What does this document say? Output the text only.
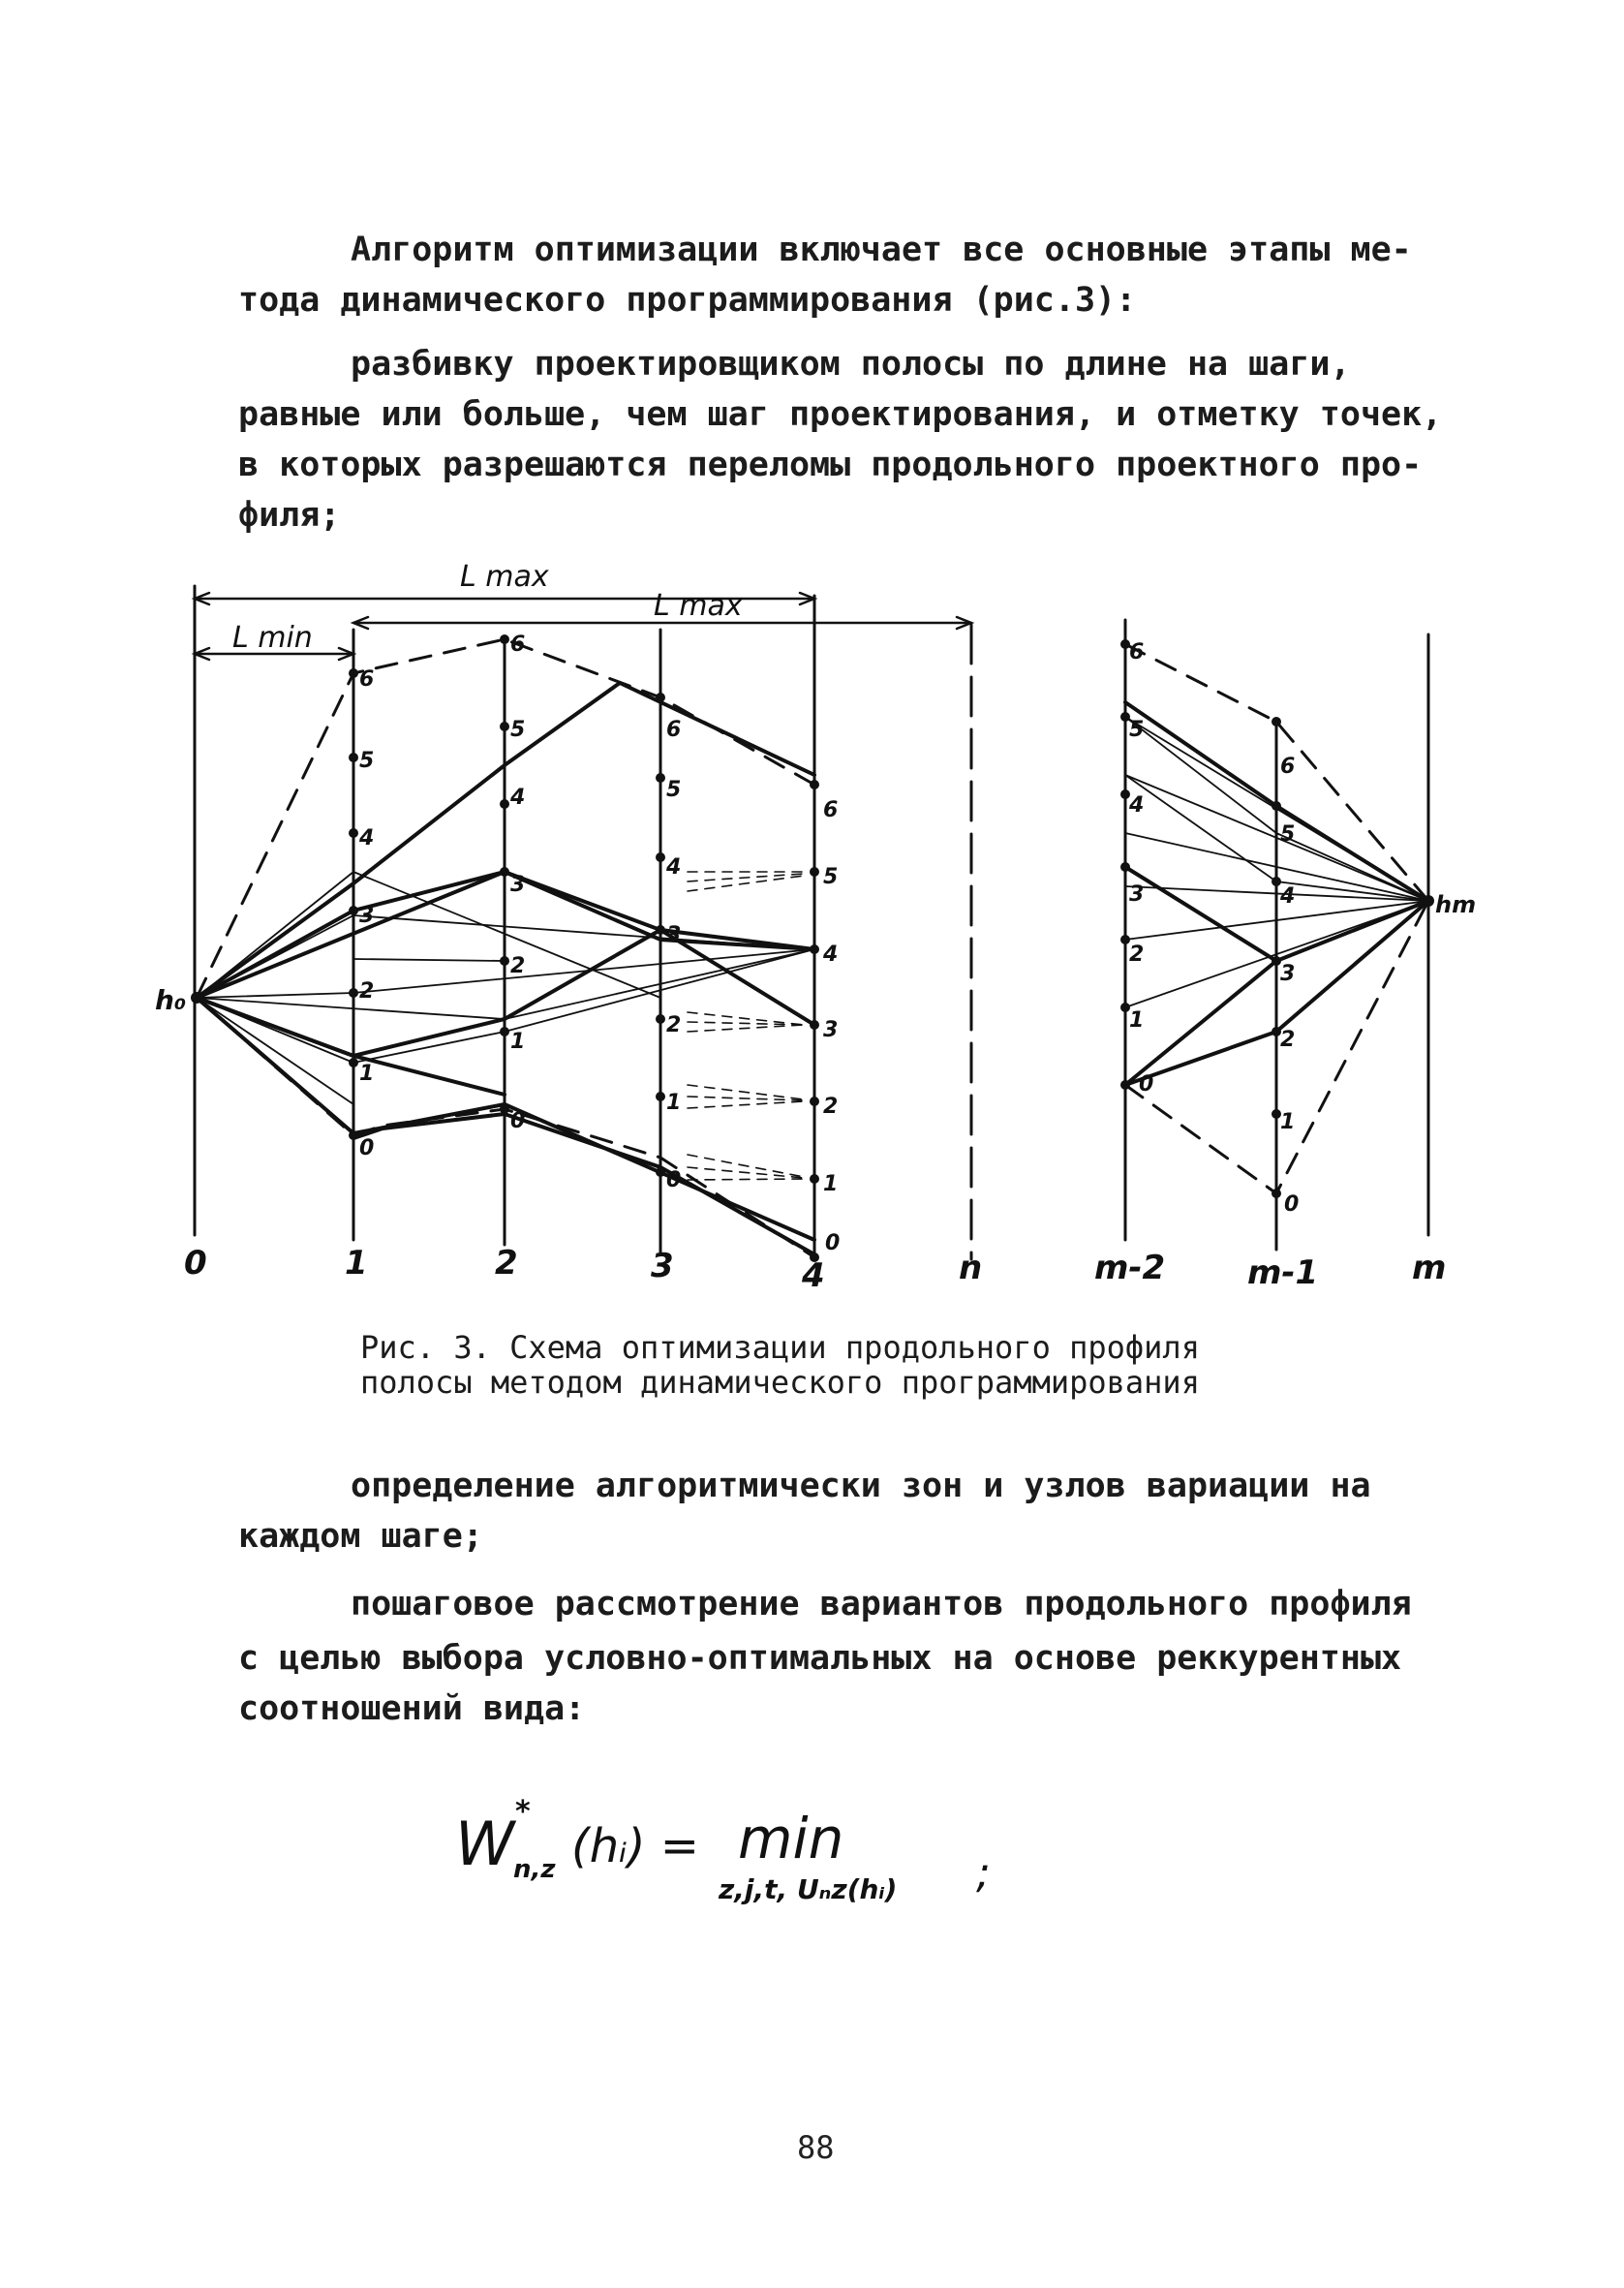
Алгоритм оптимизации включает все основные этапы ме-
тода динамического программирования (рис.3):
разбивку проектировщиком полосы по длине на шаги,
равные или больше, чем шаг проектирования, и отметку точек,
в которых разрешаются переломы продольного проектного про-
филя;
L max
L max
L min
h₀
hm
6
5
4
3
2
1
0
6
5
4
3
2
1
0
6
5
4
3
2
1
0
6
5
4
3
2
1
0
6
5
4
3
2
1
0
6
5
4
3
2
1
0
0	1	2	3	4	n	m-2 m-1	m
Рис. 3. Схема оптимизации продольного профиля
полосы методом динамического программирования
определение алгоритмически зон и узлов вариации на
каждом шаге;
пошаговое рассмотрение вариантов продольного профиля
с целью выбора условно-оптимальных на основе реккурентных
соотношений вида:
W *
n,z (hᵢ) = min
z,j,t, Uₙz(hᵢ) ;
88
